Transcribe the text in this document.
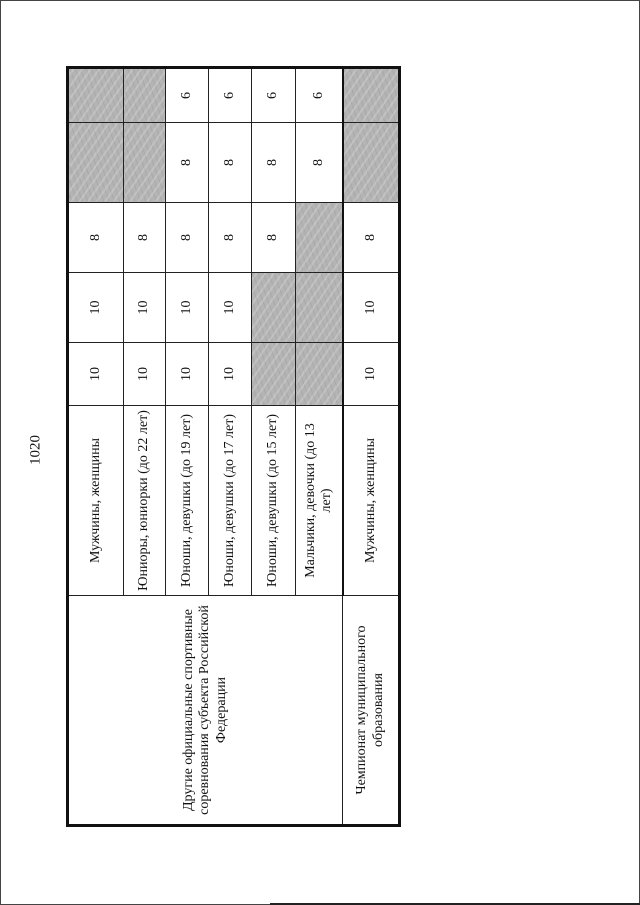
1020
Другие официальные спортивные соревнования субъекта Российской Федерации	Мужчины, женщины	10	10	8		
	Юниоры, юниорки (до 22 лет)	10	10	8		
	Юноши, девушки (до 19 лет)	10	10	8	8	6
	Юноши, девушки (до 17 лет)	10	10	8	8	6
	Юноши, девушки (до 15 лет)			8	8	6
	Мальчики, девочки (до 13 лет)				8	6
Чемпионат муниципального образования	Мужчины, женщины	10	10	8		
